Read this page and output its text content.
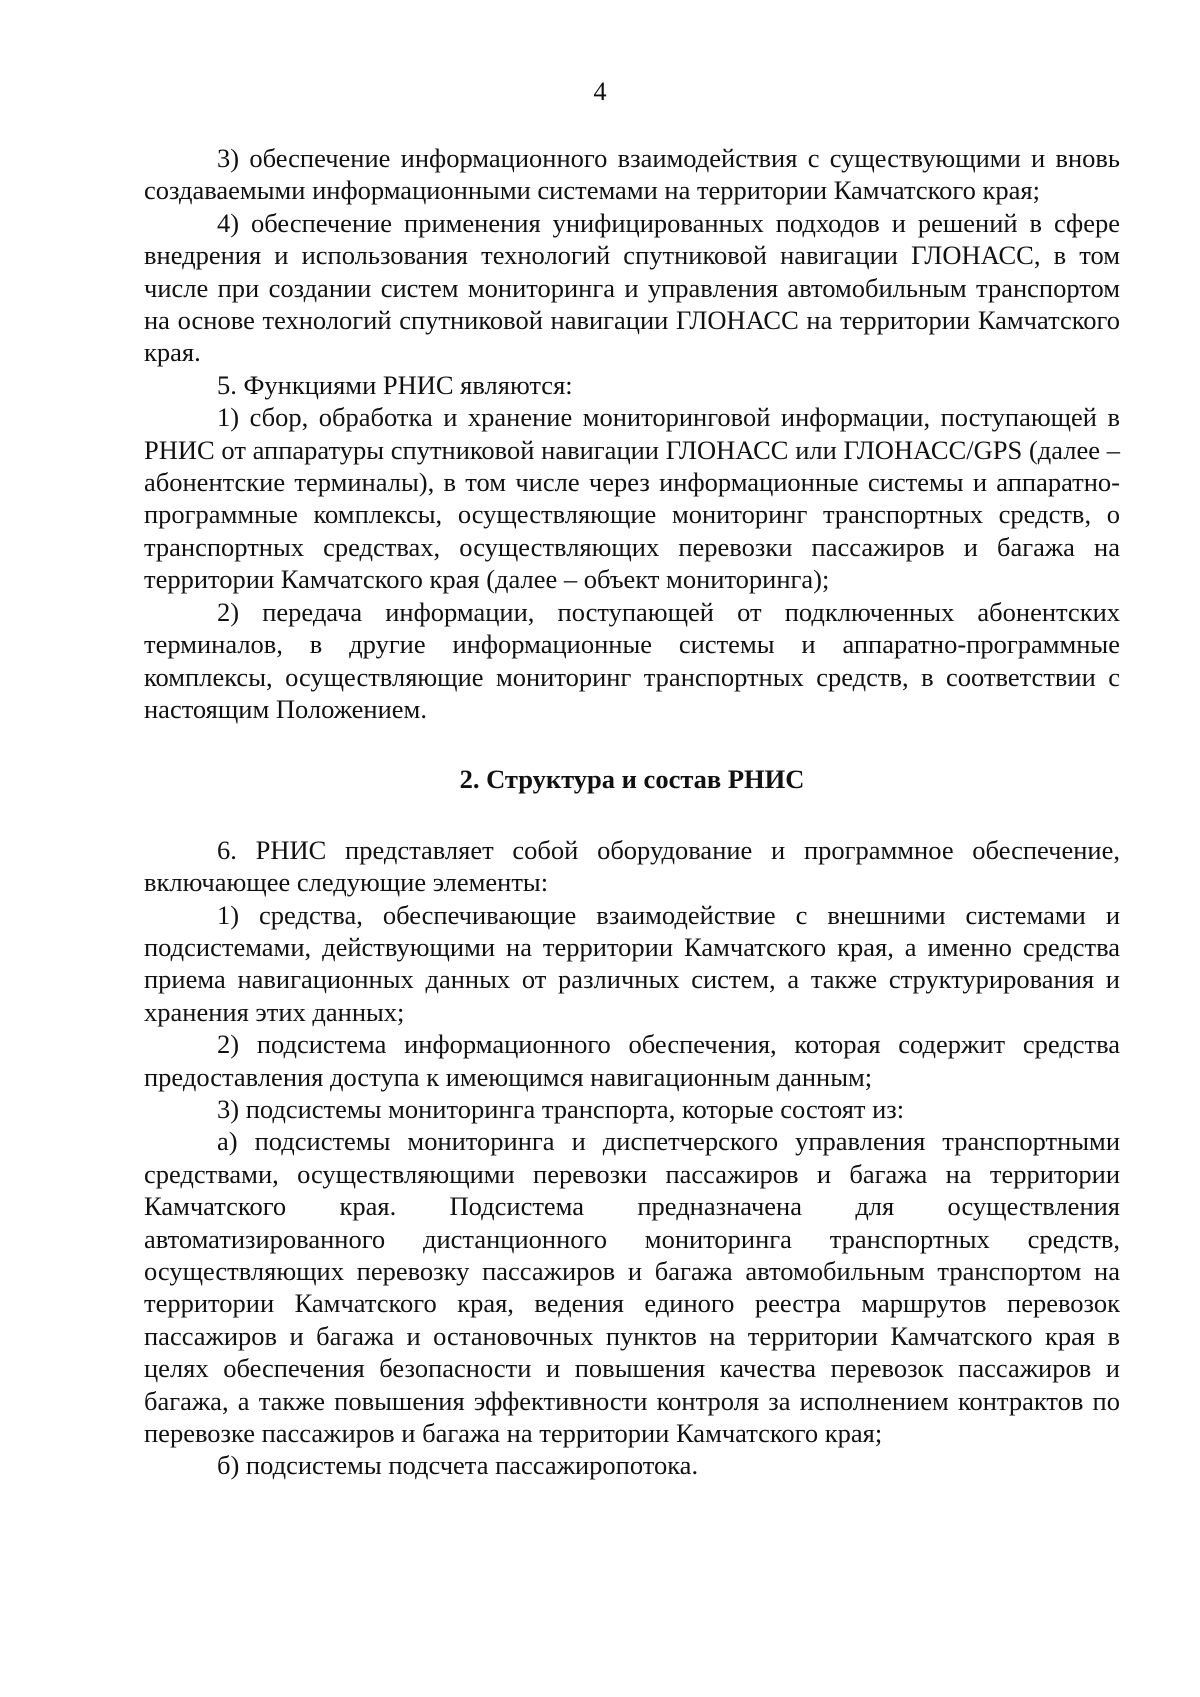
4

3) обеспечение информационного взаимодействия с существующими и вновь создаваемыми информационными системами на территории Камчатского края;

4) обеспечение применения унифицированных подходов и решений в сфере внедрения и использования технологий спутниковой навигации ГЛОНАСС, в том числе при создании систем мониторинга и управления автомобильным транспортом на основе технологий спутниковой навигации ГЛОНАСС на территории Камчатского края.

5. Функциями РНИС являются:

1) сбор, обработка и хранение мониторинговой информации, поступающей в РНИС от аппаратуры спутниковой навигации ГЛОНАСС или ГЛОНАСС/GPS (далее – абонентские терминалы), в том числе через информационные системы и аппаратно-программные комплексы, осуществляющие мониторинг транспортных средств, о транспортных средствах, осуществляющих перевозки пассажиров и багажа на территории Камчатского края (далее – объект мониторинга);

2) передача информации, поступающей от подключенных абонентских терминалов, в другие информационные системы и аппаратно-программные комплексы, осуществляющие мониторинг транспортных средств, в соответствии с настоящим Положением.

2. Структура и состав РНИС

6. РНИС представляет собой оборудование и программное обеспечение, включающее следующие элементы:

1) средства, обеспечивающие взаимодействие с внешними системами и подсистемами, действующими на территории Камчатского края, а именно средства приема навигационных данных от различных систем, а также структурирования и хранения этих данных;

2) подсистема информационного обеспечения, которая содержит средства предоставления доступа к имеющимся навигационным данным;

3) подсистемы мониторинга транспорта, которые состоят из:

а) подсистемы мониторинга и диспетчерского управления транспортными средствами, осуществляющими перевозки пассажиров и багажа на территории Камчатского края. Подсистема предназначена для осуществления автоматизированного дистанционного мониторинга транспортных средств, осуществляющих перевозку пассажиров и багажа автомобильным транспортом на территории Камчатского края, ведения единого реестра маршрутов перевозок пассажиров и багажа и остановочных пунктов на территории Камчатского края в целях обеспечения безопасности и повышения качества перевозок пассажиров и багажа, а также повышения эффективности контроля за исполнением контрактов по перевозке пассажиров и багажа на территории Камчатского края;

б) подсистемы подсчета пассажиропотока.
